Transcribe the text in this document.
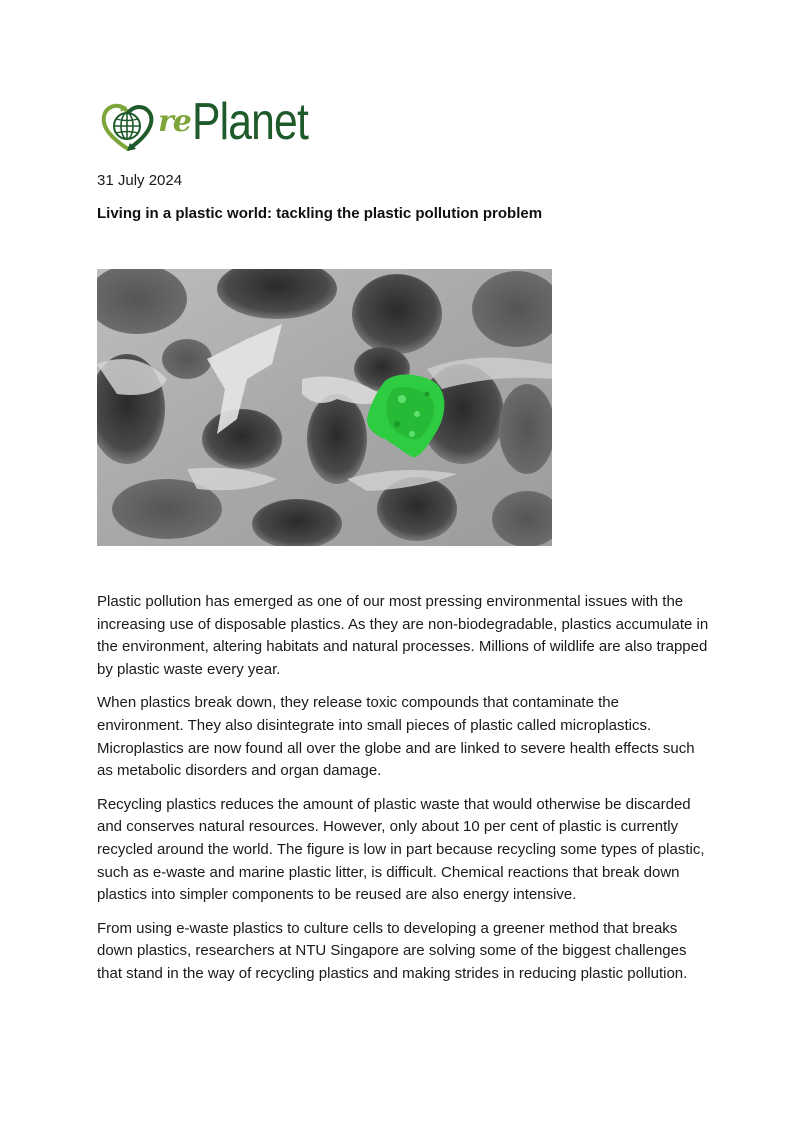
re Planet
31 July 2024
Living in a plastic world: tackling the plastic pollution problem

Plastic pollution has emerged as one of our most pressing environmental issues with the increasing use of disposable plastics. As they are non-biodegradable, plastics accumulate in the environment, altering habitats and natural processes. Millions of wildlife are also trapped by plastic waste every year.

When plastics break down, they release toxic compounds that contaminate the environment. They also disintegrate into small pieces of plastic called microplastics. Microplastics are now found all over the globe and are linked to severe health effects such as metabolic disorders and organ damage.

Recycling plastics reduces the amount of plastic waste that would otherwise be discarded and conserves natural resources. However, only about 10 per cent of plastic is currently recycled around the world. The figure is low in part because recycling some types of plastic, such as e-waste and marine plastic litter, is difficult. Chemical reactions that break down plastics into simpler components to be reused are also energy intensive.

From using e-waste plastics to culture cells to developing a greener method that breaks down plastics, researchers at NTU Singapore are solving some of the biggest challenges that stand in the way of recycling plastics and making strides in reducing plastic pollution.
